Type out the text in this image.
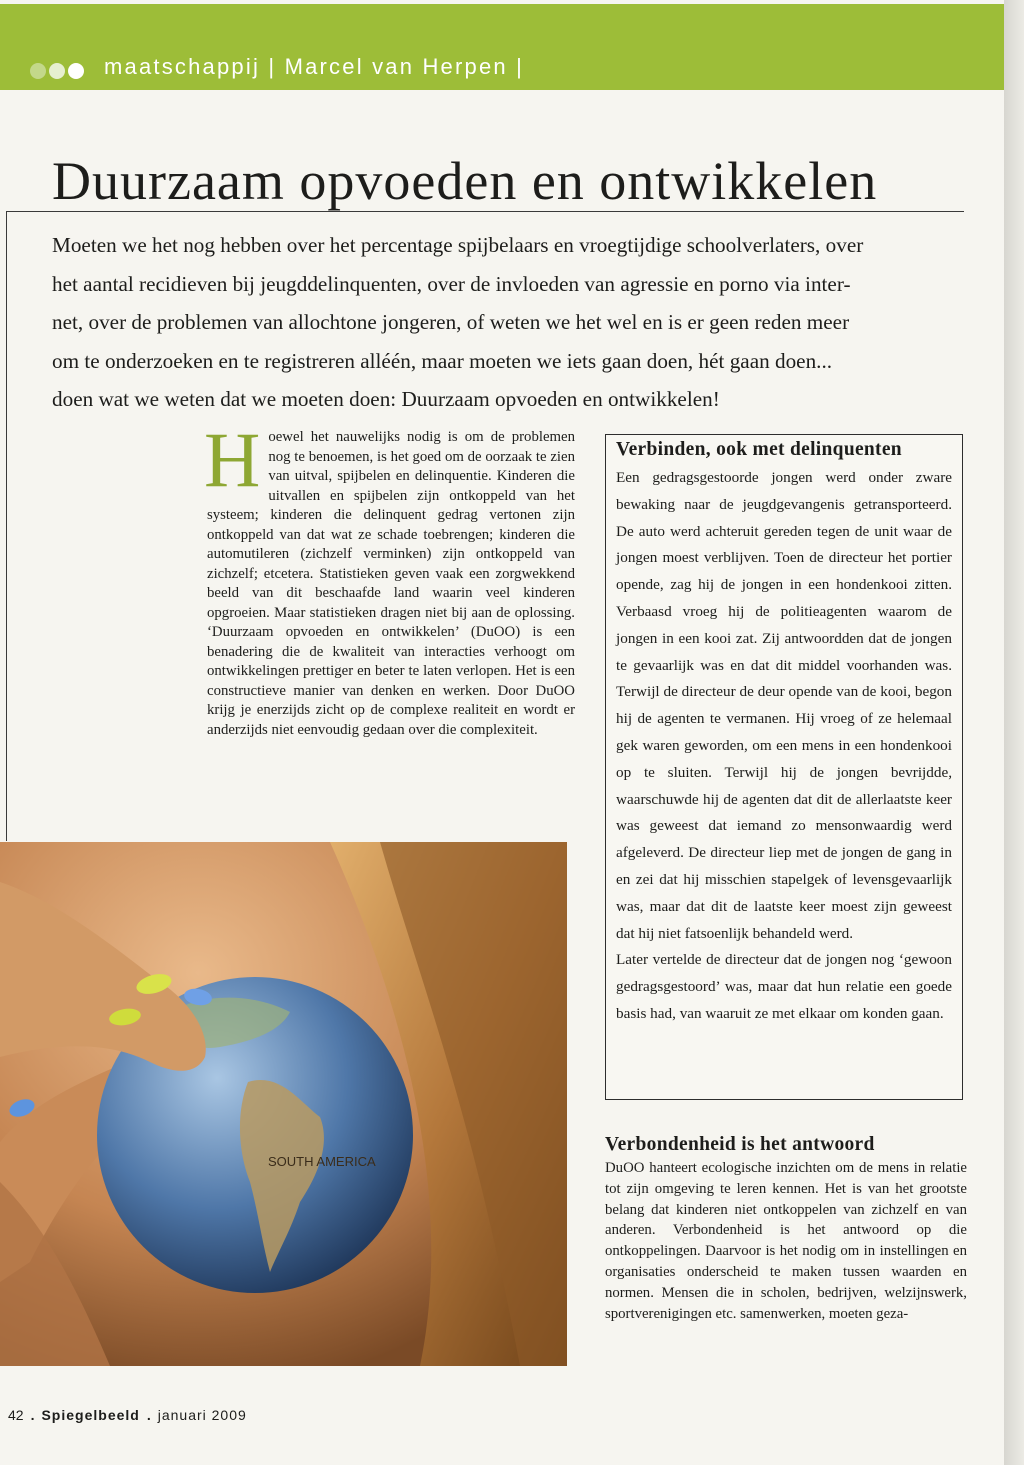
maatschappij | Marcel van Herpen |
Duurzaam opvoeden en ontwikkelen
Moeten we het nog hebben over het percentage spijbelaars en vroegtijdige schoolverlaters, over
het aantal recidieven bij jeugddelinquenten, over de invloeden van agressie en porno via inter-
net, over de problemen van allochtone jongeren, of weten we het wel en is er geen reden meer
om te onderzoeken en te registreren alléén, maar moeten we iets gaan doen, hét gaan doen...
doen wat we weten dat we moeten doen: Duurzaam opvoeden en ontwikkelen!
Hoewel het nauwelijks nodig is om de problemen nog te benoemen, is het goed om de oorzaak te zien van uitval, spijbelen en delinquentie. Kinderen die uitvallen en spijbelen zijn ontkoppeld van het systeem; kinderen die delinquent gedrag vertonen zijn ontkoppeld van dat wat ze schade toebrengen; kinderen die automutileren (zichzelf verminken) zijn ontkoppeld van zichzelf; etcetera. Statistieken geven vaak een zorgwekkend beeld van dit beschaafde land waarin veel kinderen opgroeien. Maar statistieken dragen niet bij aan de oplossing. ‘Duurzaam opvoeden en ontwikkelen’ (DuOO) is een benadering die de kwaliteit van interacties verhoogt om ontwikkelingen prettiger en beter te laten verlopen. Het is een constructieve manier van denken en werken. Door DuOO krijg je enerzijds zicht op de complexe realiteit en wordt er anderzijds niet eenvoudig gedaan over die complexiteit.
Verbinden, ook met delinquenten

Een gedragsgestoorde jongen werd onder zware bewaking naar de jeugdgevangenis getransporteerd. De auto werd achteruit gereden tegen de unit waar de jongen moest verblijven. Toen de directeur het portier opende, zag hij de jongen in een hondenkooi zitten. Verbaasd vroeg hij de politieagenten waarom de jongen in een kooi zat. Zij antwoordden dat de jongen te gevaarlijk was en dat dit middel voorhanden was. Terwijl de directeur de deur opende van de kooi, begon hij de agenten te vermanen. Hij vroeg of ze helemaal gek waren geworden, om een mens in een hondenkooi op te sluiten. Terwijl hij de jongen bevrijdde, waarschuwde hij de agenten dat dit de allerlaatste keer was geweest dat iemand zo mensonwaardig werd afgeleverd. De directeur liep met de jongen de gang in en zei dat hij misschien stapelgek of levensgevaarlijk was, maar dat dit de laatste keer moest zijn geweest dat hij niet fatsoenlijk behandeld werd.

Later vertelde de directeur dat de jongen nog ‘gewoon gedragsgestoord’ was, maar dat hun relatie een goede basis had, van waaruit ze met elkaar om konden gaan.

Verbondenheid is het antwoord

DuOO hanteert ecologische inzichten om de mens in relatie tot zijn omgeving te leren kennen. Het is van het grootste belang dat kinderen niet ontkoppelen van zichzelf en van anderen. Verbondenheid is het antwoord op die ontkoppelingen. Daarvoor is het nodig om in instellingen en organisaties onderscheid te maken tussen waarden en normen. Mensen die in scholen, bedrijven, welzijnswerk, sportverenigingen etc. samenwerken, moeten geza-

SOUTH AMERICA
42 . Spiegelbeeld . januari 2009
